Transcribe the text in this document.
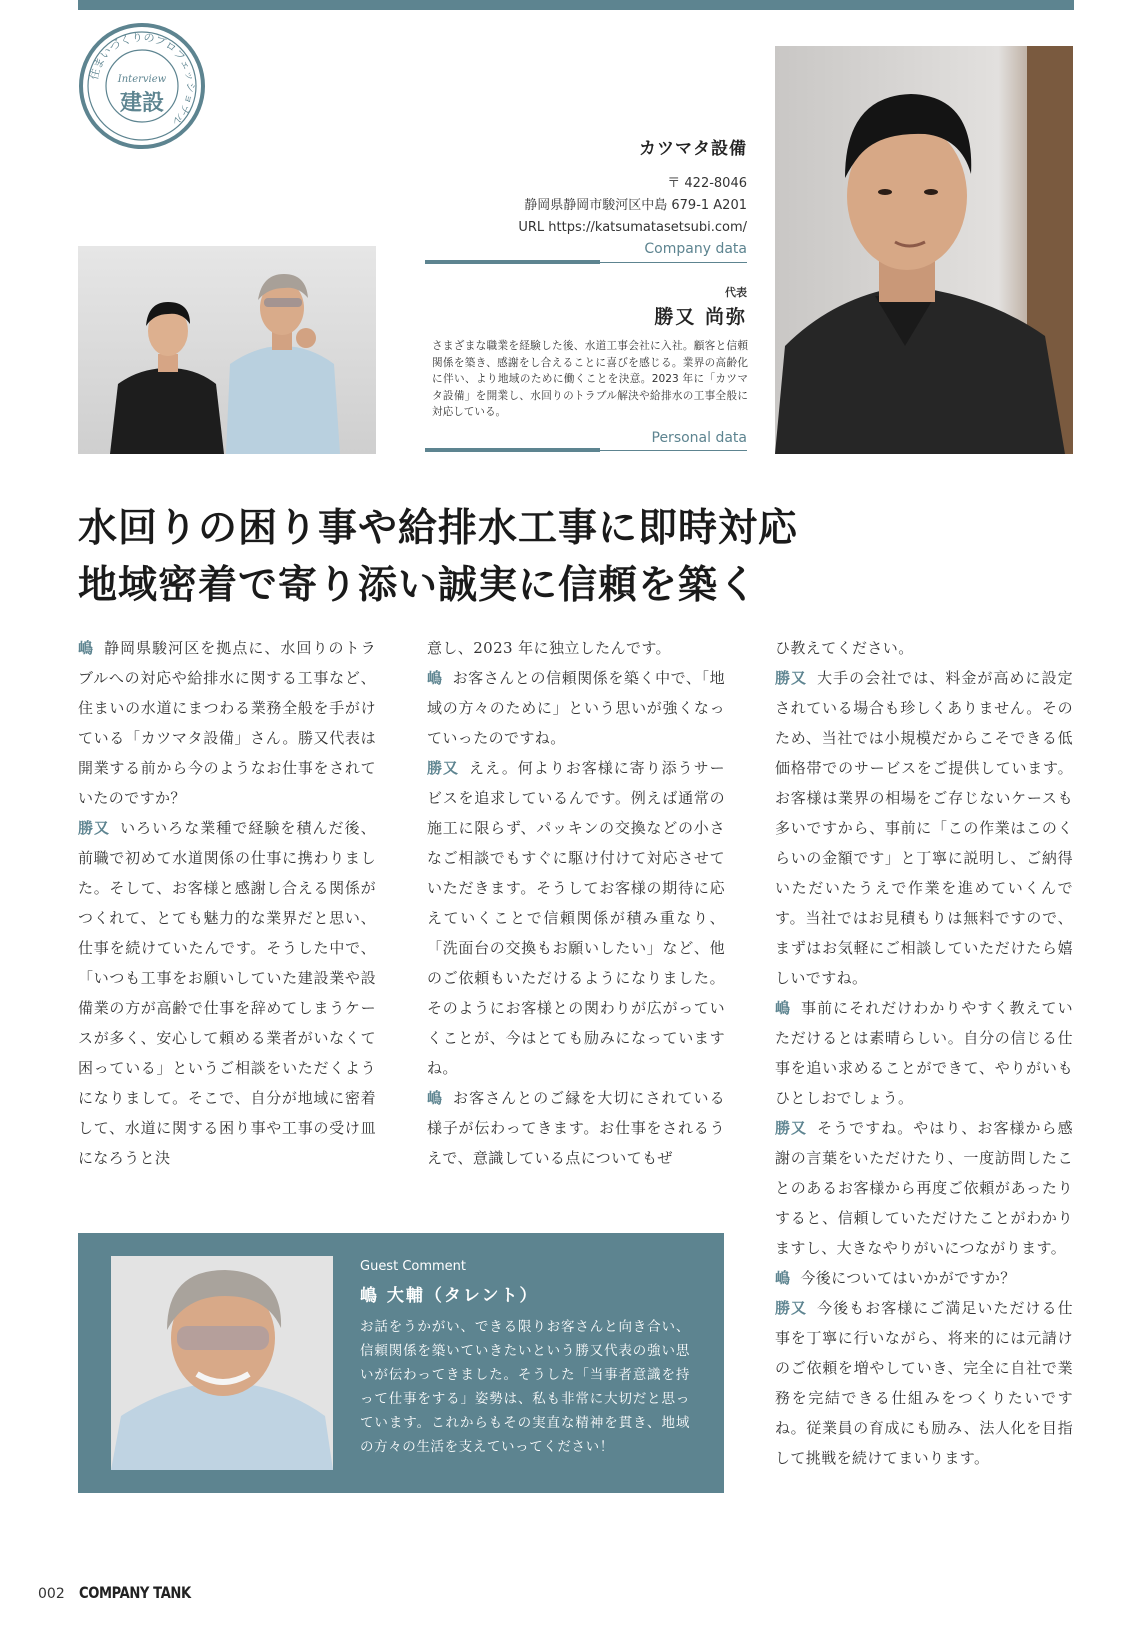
住まいづくりのプロフェッショナル
Interview
建設
カツマタ設備
〒 422-8046
静岡県静岡市駿河区中島 679-1 A201
URL https://katsumatasetsubi.com/
Company data
代表
勝又 尚弥
さまざまな職業を経験した後、水道工事会社に入社。顧客と信頼関係を築き、感謝をし合えることに喜びを感じる。業界の高齢化に伴い、より地域のために働くことを決意。2023 年に「カツマタ設備」を開業し、水回りのトラブル解決や給排水の工事全般に対応している。
Personal data
水回りの困り事や給排水工事に即時対応
地域密着で寄り添い誠実に信頼を築く

嶋 静岡県駿河区を拠点に、水回りのトラブルへの対応や給排水に関する工事など、住まいの水道にまつわる業務全般を手がけている「カツマタ設備」さん。勝又代表は開業する前から今のようなお仕事をされていたのですか？

勝又 いろいろな業種で経験を積んだ後、前職で初めて水道関係の仕事に携わりました。そして、お客様と感謝し合える関係がつくれて、とても魅力的な業界だと思い、仕事を続けていたんです。そうした中で、「いつも工事をお願いしていた建設業や設備業の方が高齢で仕事を辞めてしまうケースが多く、安心して頼める業者がいなくて困っている」というご相談をいただくようになりまして。そこで、自分が地域に密着して、水道に関する困り事や工事の受け皿になろうと決

意し、2023 年に独立したんです。

嶋 お客さんとの信頼関係を築く中で、「地域の方々のために」という思いが強くなっていったのですね。

勝又 ええ。何よりお客様に寄り添うサービスを追求しているんです。例えば通常の施工に限らず、パッキンの交換などの小さなご相談でもすぐに駆け付けて対応させていただきます。そうしてお客様の期待に応えていくことで信頼関係が積み重なり、「洗面台の交換もお願いしたい」など、他のご依頼もいただけるようになりました。そのようにお客様との関わりが広がっていくことが、今はとても励みになっていますね。

嶋 お客さんとのご縁を大切にされている様子が伝わってきます。お仕事をされるうえで、意識している点についてもぜ

ひ教えてください。

勝又 大手の会社では、料金が高めに設定されている場合も珍しくありません。そのため、当社では小規模だからこそできる低価格帯でのサービスをご提供しています。お客様は業界の相場をご存じないケースも多いですから、事前に「この作業はこのくらいの金額です」と丁寧に説明し、ご納得いただいたうえで作業を進めていくんです。当社ではお見積もりは無料ですので、まずはお気軽にご相談していただけたら嬉しいですね。

嶋 事前にそれだけわかりやすく教えていただけるとは素晴らしい。自分の信じる仕事を追い求めることができて、やりがいもひとしおでしょう。

勝又 そうですね。やはり、お客様から感謝の言葉をいただけたり、一度訪問したことのあるお客様から再度ご依頼があったりすると、信頼していただけたことがわかりますし、大きなやりがいにつながります。

嶋 今後についてはいかがですか？

勝又 今後もお客様にご満足いただける仕事を丁寧に行いながら、将来的には元請けのご依頼を増やしていき、完全に自社で業務を完結できる仕組みをつくりたいですね。従業員の育成にも励み、法人化を目指して挑戦を続けてまいります。

Guest Comment
嶋 大輔（タレント）
お話をうかがい、できる限りお客さんと向き合い、信頼関係を築いていきたいという勝又代表の強い思いが伝わってきました。そうした「当事者意識を持って仕事をする」姿勢は、私も非常に大切だと思っています。これからもその実直な精神を貫き、地域の方々の生活を支えていってください！
002 COMPANY TANK
